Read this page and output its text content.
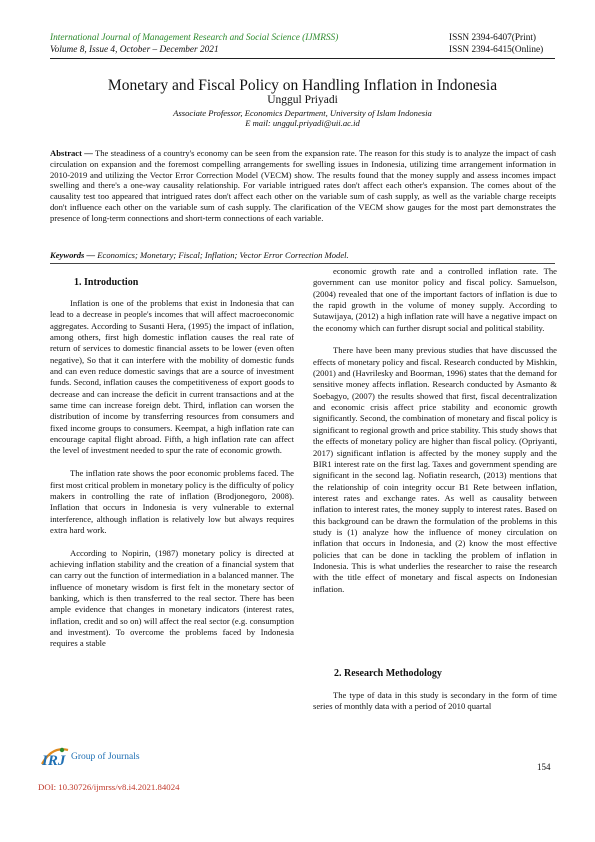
International Journal of Management Research and Social Science (IJMRSS)
Volume 8, Issue 4, October – December 2021
ISSN 2394-6407(Print)
ISSN 2394-6415(Online)
Monetary and Fiscal Policy on Handling Inflation in Indonesia
Unggul Priyadi
Associate Professor, Economics Department, University of Islam Indonesia
E mail: unggul.priyadi@uii.ac.id
Abstract — The steadiness of a country's economy can be seen from the expansion rate. The reason for this study is to analyze the impact of cash circulation on expansion and the foremost compelling arrangements for swelling issues in Indonesia, utilizing time arrangement information in 2010-2019 and utilizing the Vector Error Correction Model (VECM) show. The results found that the money supply and assess incomes impact swelling and there's a one-way causality relationship. For variable intrigued rates don't affect each other's expansion. The comes about of the causality test too appeared that intrigued rates don't affect each other on the variable sum of cash supply, as well as the variable charge receipts don't influence each other on the variable sum of cash supply. The clarification of the VECM show gauges for the most part demonstrates the presence of long-term connections and short-term connections of each variable.
Keywords — Economics; Monetary; Fiscal; Inflation; Vector Error Correction Model.
1. Introduction

Inflation is one of the problems that exist in Indonesia that can lead to a decrease in people's incomes that will affect macroeconomic aggregates. According to Susanti Hera, (1995) the impact of inflation, among others, first high domestic inflation causes the real rate of return of services to domestic financial assets to be lower (even often negative), So that it can interfere with the mobility of domestic funds and can even reduce domestic savings that are a source of investment funds. Second, inflation causes the competitiveness of export goods to decrease and can increase the deficit in current transactions and at the same time can increase foreign debt. Third, inflation can worsen the distribution of income by transferring resources from consumers and fixed income groups to consumers. Keempat, a high inflation rate can encourage capital flight abroad. Fifth, a high inflation rate can affect the level of investment needed to spur the rate of economic growth.

The inflation rate shows the poor economic problems faced. The first most critical problem in monetary policy is the difficulty of policy makers in controlling the rate of inflation (Brodjonegoro, 2008). Inflation that occurs in Indonesia is very vulnerable to external interference, although inflation is relatively low but always requires extra hard work.

According to Nopirin, (1987) monetary policy is directed at achieving inflation stability and the creation of a financial system that can carry out the function of intermediation in a balanced manner. The influence of monetary wisdom is first felt in the monetary sector of banking, which is then transferred to the real sector. There has been ample evidence that changes in monetary indicators (interest rates, inflation, credit and so on) will affect the real sector (e.g. consumption and investment). To overcome the problems faced by Indonesia requires a stable

economic growth rate and a controlled inflation rate. The government can use monitor policy and fiscal policy. Samuelson, (2004) revealed that one of the important factors of inflation is due to the rapid growth in the volume of money supply. According to Sutawijaya, (2012) a high inflation rate will have a negative impact on the economy which can further disrupt social and political stability.

There have been many previous studies that have discussed the effects of monetary policy and fiscal. Research conducted by Mishkin, (2001) and (Havrilesky and Boorman, 1996) states that the demand for sensitive money affects inflation. Research conducted by Asmanto & Soebagyo, (2007) the results showed that first, fiscal decentralization and economic crisis affect price stability and economic growth significantly. Second, the combination of monetary and fiscal policy is significant to regional growth and price stability. This study shows that the effects of monetary policy are higher than fiscal policy. (Opriyanti, 2017) significant inflation is affected by the money supply and the BIR1 interest rate on the first lag. Taxes and government spending are significant in the second lag. Nofiatin research, (2013) mentions that the relationship of coin integrity occur B1 Rete between inflation, interest rates and exchange rates. As well as causality between inflation to interest rates, the money supply to interest rates. Based on this background can be drawn the formulation of the problems in this study is (1) analyze how the influence of money circulation on inflation that occurs in Indonesia, and (2) know the most effective policies that can be done in tackling the problem of inflation in Indonesia. This is what underlies the researcher to raise the research with the title effect of monetary and fiscal aspects on Indonesian inflation.

2. Research Methodology

The type of data in this study is secondary in the form of time series of monthly data with a period of 2010 quartal

IRJ Group of Journals
DOI: 10.30726/ijmrss/v8.i4.2021.84024
154
